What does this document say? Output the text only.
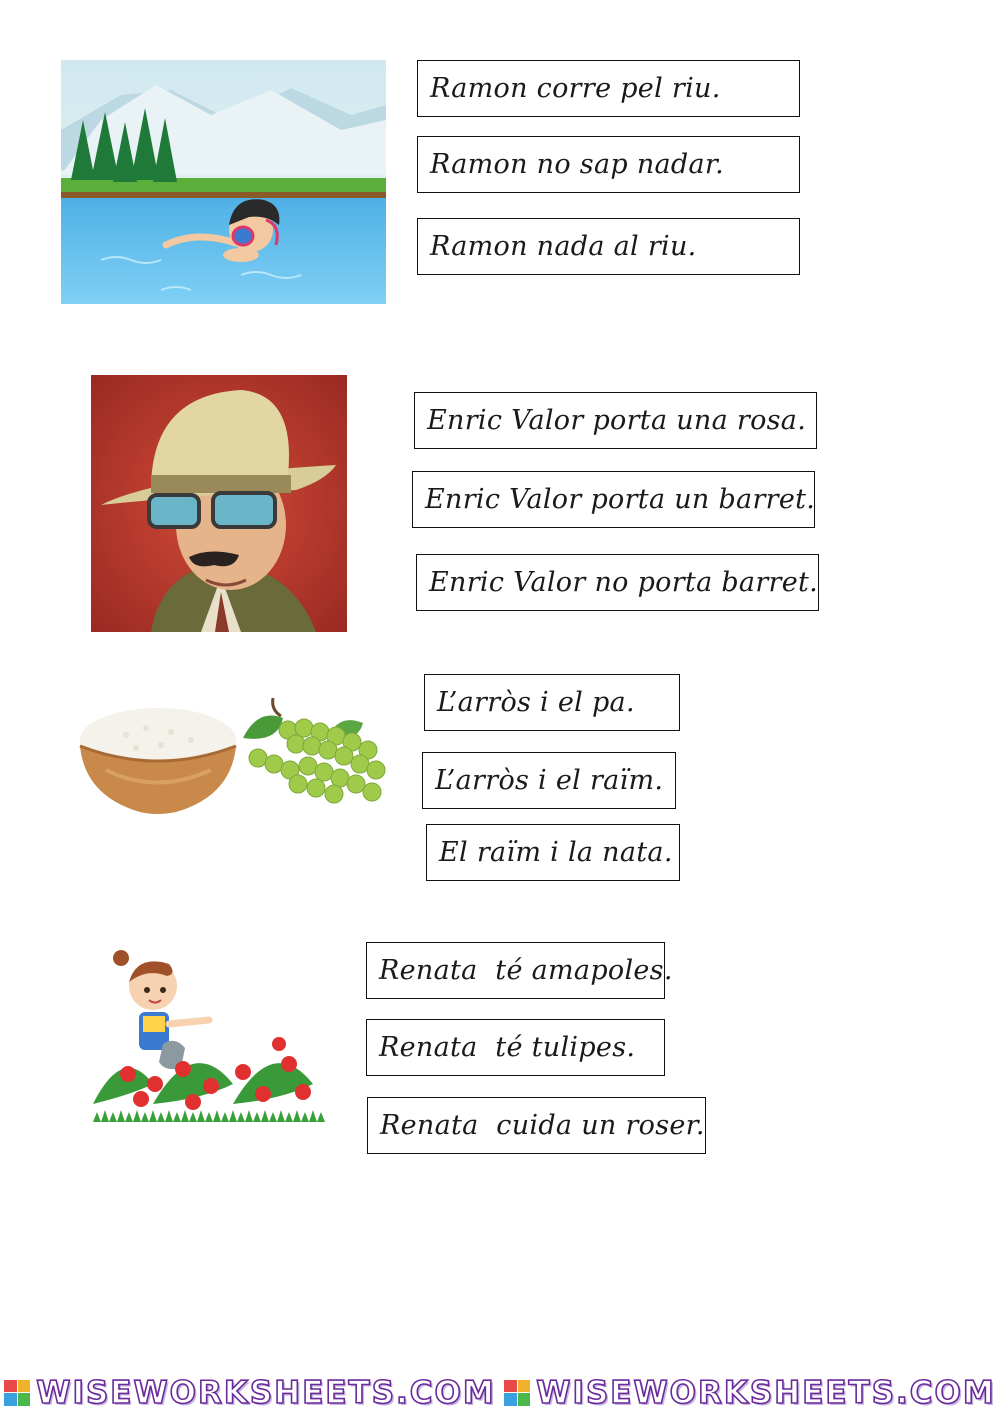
Ramon corre pel riu.
Ramon no sap nadar.
Ramon nada al riu.
Enric Valor porta una rosa.
Enric Valor porta un barret.
Enric Valor no porta barret.
L’arròs i el pa.
L’arròs i el raïm.
El raïm i la nata.
Renata  té amapoles.
Renata  té tulipes.
Renata  cuida un roser.
WISEWORKSHEETS.COM WISEWORKSHEETS.COM
